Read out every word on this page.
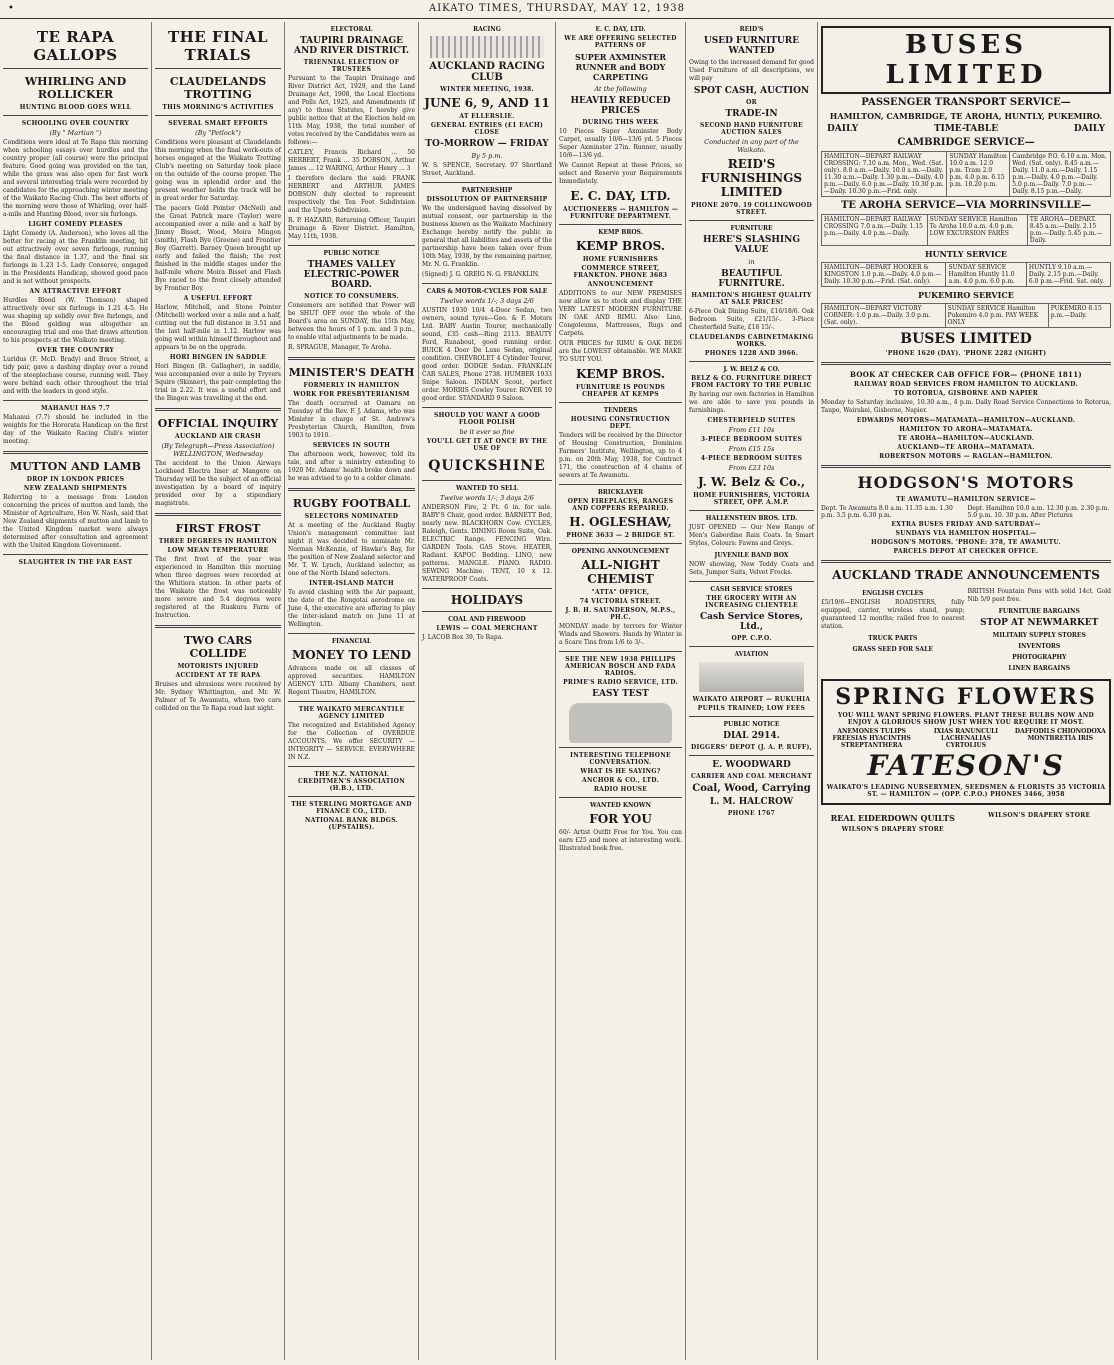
•	AIKATO TIMES, THURSDAY, MAY 12, 1938
TE RAPA GALLOPS
WHIRLING AND ROLLICKER
HUNTING BLOOD GOES WELL
SCHOOLING OVER COUNTRY
(By " Martian ")

Conditions were ideal at Te Rapa this morning when schooling essays over hurdles and the country proper (all course) were the principal feature. Good going was provided on the tan, while the grass was also open for fast work and several interesting trials were recorded by candidates for the approaching winter meeting of the Waikato Racing Club. The best efforts of the morning were those of Whirling, over half-a-mile and Hunting Blood, over six furlongs.

LIGHT COMEDY PLEASES

Light Comedy (A. Anderson), who loves all the better for racing at the Franklin meeting, hit out attractively over seven furlongs, running the final distance in 1.37, and the final six furlongs in 1.23 1-5. Lady Conserve, engaged in the Presidents Handicap, showed good pace and is not without prospects.

AN ATTRACTIVE EFFORT

Hurdles Blood (W. Thomson) shaped attractively over six furlongs in 1.21 4-5. He was shaping up solidly over five furlongs, and the Blood gelding was altogether an encouraging trial and one that draws attention to his prospects at the Waikato meeting.

OVER THE COUNTRY

Luridus (F. McD. Brady) and Brace Street, a tidy pair, gave a dashing display over a round of the steeplechase course, running well. They were behind each other throughout the trial and with the leaders in good style.

MAHANUI HAS 7.7

Mahanui (7.7) should be included in the weights for the Hororata Handicap on the first day of the Waikato Racing Club's winter meeting.

MUTTON AND LAMB
DROP IN LONDON PRICES
NEW ZEALAND SHIPMENTS

Referring to a message from London concerning the prices of mutton and lamb, the Minister of Agriculture, Hon W. Nash, said that New Zealand shipments of mutton and lamb to the United Kingdom market were always determined after consultation and agreement with the United Kingdom Government.

SLAUGHTER IN THE FAR EAST
THE FINAL TRIALS
CLAUDELANDS TROTTING
THIS MORNING'S ACTIVITIES
SEVERAL SMART EFFORTS
(By "Petlock")

Conditions were pleasant at Claudelands this morning when the final work-outs of horses engaged at the Waikato Trotting Club's meeting on Saturday took place on the outside of the course proper. The going was in splendid order and the present weather holds the track will be in great order for Saturday.

The pacers Gold Pointer (McNeil) and the Great Patrick mare (Taylor) were accompanied over a mile and a half by Jimmy Bisset, Wood, Moira Mingon (smith), Flash Bye (Greene) and Frontier Boy (Garrett). Barney Queen brought up early and failed the finish; the rest finished in the middle stages under the half-mile where Moira Bisset and Flash Bye raced to the front closely attended by Frontier Boy.

A USEFUL EFFORT

Harlow, Mitchell, and Stone Pointer (Mitchell) worked over a mile and a half, cutting out the full distance in 3.51 and the last half-mile in 1.12. Harlow was going well within himself throughout and appears to be on the upgrade.

HORI BINGEN IN SADDLE

Hori Bingen (B. Gallagher), in saddle, was accompanied over a mile by Tryvers Squire (Skinner), the pair completing the trial in 2.22. It was a useful effort and the Bingen was travelling at the end.

OFFICIAL INQUIRY
AUCKLAND AIR CRASH
(By Telegraph—Press Association) WELLINGTON, Wednesday

The accident to the Union Airways Lockheed Electra liner at Mangere on Thursday will be the subject of an official investigation by a board of inquiry presided over by a stipendiary magistrate.

FIRST FROST
THREE DEGREES IN HAMILTON
LOW MEAN TEMPERATURE

The first frost of the year was experienced in Hamilton this morning when three degrees were recorded at the Whitiora station. In other parts of the Waikato the frost was noticeably more severe and 5.4 degrees were registered at the Ruakura Farm of Instruction.

TWO CARS COLLIDE
MOTORISTS INJURED
ACCIDENT AT TE RAPA

Bruises and abrasions were received by Mr. Sydney Whittington, and Mr. W. Palmer of Te Awamutu, when two cars collided on the Te Rapa road last night.

ELECTORAL
TAUPIRI DRAINAGE AND RIVER DISTRICT.
TRIENNIAL ELECTION OF TRUSTEES

Pursuant to the Taupiri Drainage and River District Act, 1929, and the Land Drainage Act, 1908, the Local Elections and Polls Act, 1925, and Amendments (if any) to those Statutes, I hereby give public notice that at the Election held on 11th May, 1938, the total number of votes received by the Candidates were as follows:—

CATLEY, Francis Richard ... 50 HERBERT, Frank ... 35 DOBSON, Arthur James ... 12 WARING, Arthur Henry ... 3

I therefore declare the said: FRANK HERBERT and ARTHUR JAMES DOBSON duly elected to represent respectively the Ten Foot Subdivision and the Upoto Subdivision.

R. P. HAZARD, Returning Officer, Taupiri Drainage & River District. Hamilton, May 11th, 1938.

PUBLIC NOTICE
THAMES VALLEY ELECTRIC-POWER BOARD.
NOTICE TO CONSUMERS.

Consumers are notified that Power will be SHUT OFF over the whole of the Board's area on SUNDAY, the 15th May, between the hours of 1 p.m. and 3 p.m., to enable vital adjustments to be made.

R. SPRAGUE, Manager, Te Aroha.

MINISTER'S DEATH
FORMERLY IN HAMILTON
WORK FOR PRESBYTERIANISM

The death occurred at Oamaru on Tuesday of the Rev. F. J. Adams, who was Minister in charge of St. Andrew's Presbyterian Church, Hamilton, from 1903 to 1910.

SERVICES IN SOUTH

The afternoon work, however, told its tale, and after a ministry extending to 1920 Mr. Adams' health broke down and he was advised to go to a colder climate.

RUGBY FOOTBALL
SELECTORS NOMINATED

At a meeting of the Auckland Rugby Union's management committee last night it was decided to nominate Mr. Norman McKenzie, of Hawke's Bay, for the position of New Zealand selector and Mr. T. W. Lynch, Auckland selector, as one of the North Island selectors.

INTER-ISLAND MATCH

To avoid clashing with the Air pageant, the date of the Rongotai aerodrome on June 4, the executive are offering to play the inter-island match on June 11 at Wellington.

FINANCIAL
MONEY TO LEND

Advances made on all classes of approved securities. HAMILTON AGENCY LTD. Albany Chambers, next Regent Theatre, HAMILTON.

THE WAIKATO MERCANTILE AGENCY LIMITED

The recognized and Established Agency for the Collection of OVERDUE ACCOUNTS. We offer SECURITY — INTEGRITY — SERVICE. EVERYWHERE IN N.Z.

THE N.Z. NATIONAL CREDITMEN'S ASSOCIATION (H.B.), LTD.
THE STERLING MORTGAGE AND FINANCE CO., LTD.
NATIONAL BANK BLDGS. (UPSTAIRS).
RACING
AUCKLAND RACING CLUB
WINTER MEETING, 1938.
JUNE 6, 9, AND 11
AT ELLERSLIE.
GENERAL ENTRIES (£1 EACH) CLOSE
TO-MORROW — FRIDAY
By 5 p.m.

W. S. SPENCE, Secretary. 97 Shortland Street, Auckland.

PARTNERSHIP
DISSOLUTION OF PARTNERSHIP

We the undersigned having dissolved by mutual consent, our partnership in the business known as the Waikato Machinery Exchange hereby notify the public in general that all liabilities and assets of the partnership have been taken over from 10th May, 1938, by the remaining partner, Mr. N. G. Franklin.

(Signed) J. G. GREIG N. G. FRANKLIN.

CARS & MOTOR-CYCLES FOR SALE
Twelve words 1/-; 3 days 2/6

AUSTIN 1930 10/4 4-Door Sedan, two owners, sound tyres—Geo. & F. Motors Ltd. BABY Austin Tourer, mechanically sound, £35 cash—Ring 2113. BEAUTY Ford, Runabout, good running order. BUICK 4 Door De Luxe Sedan, original condition. CHEVROLET 4 Cylinder Tourer, good order. DODGE Sedan. FRANKLIN CAR SALES, Phone 2738. HUMBER 1933 Snipe Saloon. INDIAN Scout, perfect order. MORRIS Cowley Tourer. ROVER 10 good order. STANDARD 9 Saloon.

SHOULD YOU WANT A GOOD FLOOR POLISH
be it ever so fine
YOU'LL GET IT AT ONCE BY THE USE OF
QUICKSHINE
WANTED TO SELL
Twelve words 1/-; 3 days 2/6

ANDERSON Fire, 2 Ft. 6 in. for sale. BABY'S Chair, good order. BARNETT Bed, nearly new. BLACKHORN Cow. CYCLES, Raleigh, Gents. DINING Room Suite, Oak. ELECTRIC Range. FENCING Wire. GARDEN Tools. GAS Stove. HEATER, Radiant. KAPOC Bedding. LINO, new patterns. MANGLE. PIANO. RADIO. SEWING Machine. TENT, 10 x 12. WATERPROOF Coats.

HOLIDAYS
COAL AND FIREWOOD
LEWIS — COAL MERCHANT

J. LACOB Box 39, Te Rapa.

E. C. DAY, LTD.
WE ARE OFFERING SELECTED PATTERNS OF
SUPER AXMINSTER RUNNER and BODY CARPETING
At the following
HEAVILY REDUCED PRICES
DURING THIS WEEK

10 Pieces Super Axminster Body Carpet, usually 10/6—13/6 yd. 5 Pieces Super Axminster 27in. Runner, usually 10/6—13/6 yd.

We Cannot Repeat at these Prices, so select and Reserve your Requirements Immediately.

E. C. DAY, LTD.
AUCTIONEERS — HAMILTON — FURNITURE DEPARTMENT.
KEMP BROS.
KEMP BROS.
HOME FURNISHERS
COMMERCE STREET, FRANKTON. PHONE 3683
ANNOUNCEMENT

ADDITIONS to our NEW PREMISES now allow us to stock and display THE VERY LATEST MODERN FURNITURE IN OAK AND RIMU. Also: Lino, Congoleums, Mattresses, Rugs and Carpets.

OUR PRICES for RIMU & OAK BEDS are the LOWEST obtainable. WE MAKE TO SUIT YOU.

KEMP BROS.
FURNITURE IS POUNDS CHEAPER AT KEMPS
TENDERS
HOUSING CONSTRUCTION DEPT.

Tenders will be received by the Director of Housing Construction, Dominion Farmers' Institute, Wellington, up to 4 p.m. on 20th May, 1938, for Contract 171, the construction of 4 chains of sewers at Te Awamutu.

BRICKLAYER
OPEN FIREPLACES, RANGES AND COPPERS REPAIRED.
H. OGLESHAW,
PHONE 3633 — 2 BRIDGE ST.
OPENING ANNOUNCEMENT
ALL-NIGHT CHEMIST
"ATTA" OFFICE,
74 VICTORIA STREET.
J. B. H. SAUNDERSON, M.P.S., PH.C.

MONDAY made by terrors for Winter Winds and Showers. Hands by Winter in a Scare Tins from 1/6 to 3/-.

SEE THE NEW 1938 PHILLIPS AMERICAN BOSCH AND FADA RADIOS.
PRIME'S RADIO SERVICE, LTD.
EASY TEST
INTERESTING TELEPHONE CONVERSATION.
WHAT IS HE SAYING?
ANCHOR & CO., LTD.
RADIO HOUSE
WANTED KNOWN
FOR YOU

60/- Artist Outfit Free for You. You can earn £25 and more at interesting work. Illustrated book free.

REID'S
USED FURNITURE WANTED

Owing to the increased demand for good Used Furniture of all descriptions, we will pay

SPOT CASH, AUCTION
OR
TRADE-IN
SECOND HAND FURNITURE AUCTION SALES
Conducted in any part of the Waikato.
REID'S FURNISHINGS LIMITED
PHONE 2070. 19 COLLINGWOOD STREET.
FURNITURE
HERE'S SLASHING VALUE
in
BEAUTIFUL FURNITURE.
HAMILTON'S HIGHEST QUALITY AT SALE PRICES!

6-Piece Oak Dining Suite, £16/18/6. Oak Bedroom Suite, £21/15/-. 3-Piece Chesterfield Suite, £18 15/-.

CLAUDELANDS CABINETMAKING WORKS.
PHONES 1228 AND 3966.
J. W. BELZ & CO.
BELZ & CO. FURNITURE DIRECT FROM FACTORY TO THE PUBLIC

By having our own factories in Hamilton we are able to save you pounds in furnishings.

CHESTERFIELD SUITES
From £11 10s
3-PIECE BEDROOM SUITES
From £15 15s
4-PIECE BEDROOM SUITES
From £23 10s
J. W. Belz & Co.,
HOME FURNISHERS, VICTORIA STREET, OPP. A.M.P.
HALLENSTEIN BROS. LTD.

JUST OPENED — Our New Range of Men's Gaberdine Rain Coats. In Smart Styles, Colours: Fawns and Greys.

JUVENILE BAND BOX

NOW showing, New Teddy Coats and Sets, Jumper Suits, Velvet Frocks.

CASH SERVICE STORES
THE GROCERY WITH AN INCREASING CLIENTELE
Cash Service Stores, Ltd.,
OPP. C.P.O.
AVIATION
WAIKATO AIRPORT — RUKUHIA
PUPILS TRAINED; LOW FEES
PUBLIC NOTICE
DIAL 2914.
DIGGERS' DEPOT (J. A. P. RUFF),
E. WOODWARD
CARRIER AND COAL MERCHANT
Coal, Wood, Carrying
L. M. HALCROW
PHONE 1767
BUSES LIMITED
PASSENGER TRANSPORT SERVICE—
HAMILTON, CAMBRIDGE, TE AROHA, HUNTLY, PUKEMIRO.
DAILY	TIME-TABLE	DAILY
CAMBRIDGE SERVICE—
HAMILTON—DEPART RAILWAY CROSSING: 7.10 a.m. Mon., Wed. (Sat. only). 8.0 a.m.—Daily. 10.0 a.m.—Daily. 11.30 a.m.—Daily. 1.30 p.m.—Daily. 4.0 p.m.—Daily. 6.0 p.m.—Daily. 10.30 p.m.—Daily. 10.30 p.m.—Frid. only.	SUNDAY Hamilton 10.0 a.m. 12.0 p.m. Tram 2.0 p.m. 4.0 p.m. 6.15 p.m. 10.20 p.m.	Cambridge P.O. 6.10 a.m. Mon. Wed. (Sat. only). 8.45 a.m.—Daily. 11.0 a.m.—Daily. 1.15 p.m.—Daily. 4.0 p.m.—Daily. 5.0 p.m.—Daily. 7.0 p.m.—Daily. 8.15 p.m.—Daily.
TE AROHA SERVICE—VIA MORRINSVILLE—
HAMILTON—DEPART RAILWAY CROSSING 7.0 a.m.—Daily. 1.15 p.m.—Daily. 4.0 p.m.—Daily.	SUNDAY SERVICE Hamilton Te Aroha 10.0 a.m. 4.0 p.m. LOW EXCURSION FARES	TE AROHA—DEPART. 8.45 a.m.—Daily. 2.15 p.m.—Daily. 5.45 p.m.—Daily.
HUNTLY SERVICE
HAMILTON—DEPART HOOKER & KINGSTON 1.0 p.m.—Daily. 4.0 p.m.—Daily. 10.30 p.m.—Frid. (Sat. only).	SUNDAY SERVICE Hamilton Huntly 11.0 a.m. 4.0 p.m. 6.0 p.m.	HUNTLY 9.10 a.m.—Daily. 2.15 p.m.—Daily. 6.0 p.m.—Frid. Sat. only.
PUKEMIRO SERVICE
HAMILTON—DEPART VICTORY CORNER: 1.0 p.m.—Daily. 3.0 p.m. (Sat. only).	SUNDAY SERVICE Hamilton Pukemiro 4.0 p.m. PAY WEEK ONLY	PUKEMIRO 8.15 p.m.—Daily.
BUSES LIMITED
'PHONE 1620 (DAY). 'PHONE 2282 (NIGHT)
BOOK AT CHECKER CAB OFFICE FOR— (PHONE 1811)
RAILWAY ROAD SERVICES FROM HAMILTON TO AUCKLAND.
TO ROTORUA, GISBORNE AND NAPIER

Monday to Saturday inclusive, 10.30 a.m., 4 p.m. Daily Road Service Connections to Rotorua, Taupo, Wairakei, Gisborne, Napier.

EDWARDS MOTORS—MATAMATA—HAMILTON—AUCKLAND.
HAMILTON TO AROHA—MATAMATA.
TE AROHA—HAMILTON—AUCKLAND.
AUCKLAND—TE AROHA—MATAMATA.
ROBERTSON MOTORS — RAGLAN—HAMILTON.
HODGSON'S MOTORS
TE AWAMUTU—HAMILTON SERVICE—
Dept. Te Awamutu 8.0 a.m. 11.35 a.m. 1.30 p.m. 3.5 p.m. 6.30 p.m.
Dept. Hamilton 10.0 a.m. 12.30 p.m. 2.30 p.m. 5.0 p.m. 10. 30 p.m. After Pictures
EXTRA BUSES FRIDAY AND SATURDAY—
SUNDAYS VIA HAMILTON HOSPITAL—
HODGSON'S MOTORS. 'PHONE: 378, TE AWAMUTU.
PARCELS DEPOT AT CHECKER OFFICE.
AUCKLAND TRADE ANNOUNCEMENTS
ENGLISH CYCLES

£5/19/6—ENGLISH ROADSTERS, fully equipped, carrier, wireless stand, pump; guaranteed 12 months; railed free to nearest station.

TRUCK PARTS
GRASS SEED FOR SALE

BRITISH Fountain Pens with solid 14ct. Gold Nib 5/9 post free.

FURNITURE BARGAINS
STOP AT NEWMARKET
MILITARY SUPPLY STORES
INVENTORS
PHOTOGRAPHY
LINEN BARGAINS
SPRING FLOWERS
YOU WILL WANT SPRING FLOWERS. PLANT THESE BULBS NOW AND ENJOY A GLORIOUS SHOW JUST WHEN YOU REQUIRE IT MOST.
ANEMONES TULIPS FREESIAS HYACINTHS STREPTANTHERA
IXIAS RANUNCULI LACHENALIAS CYRTOLIUS
DAFFODILS CHIONODOXA MONTBRETIA IRIS
FATESON'S
WAIKATO'S LEADING NURSERYMEN, SEEDSMEN & FLORISTS 35 VICTORIA ST. — HAMILTON — (OPP. C.P.O.) PHONES 3466, 3958
REAL EIDERDOWN QUILTS
WILSON'S DRAPERY STORE
WILSON'S DRAPERY STORE
